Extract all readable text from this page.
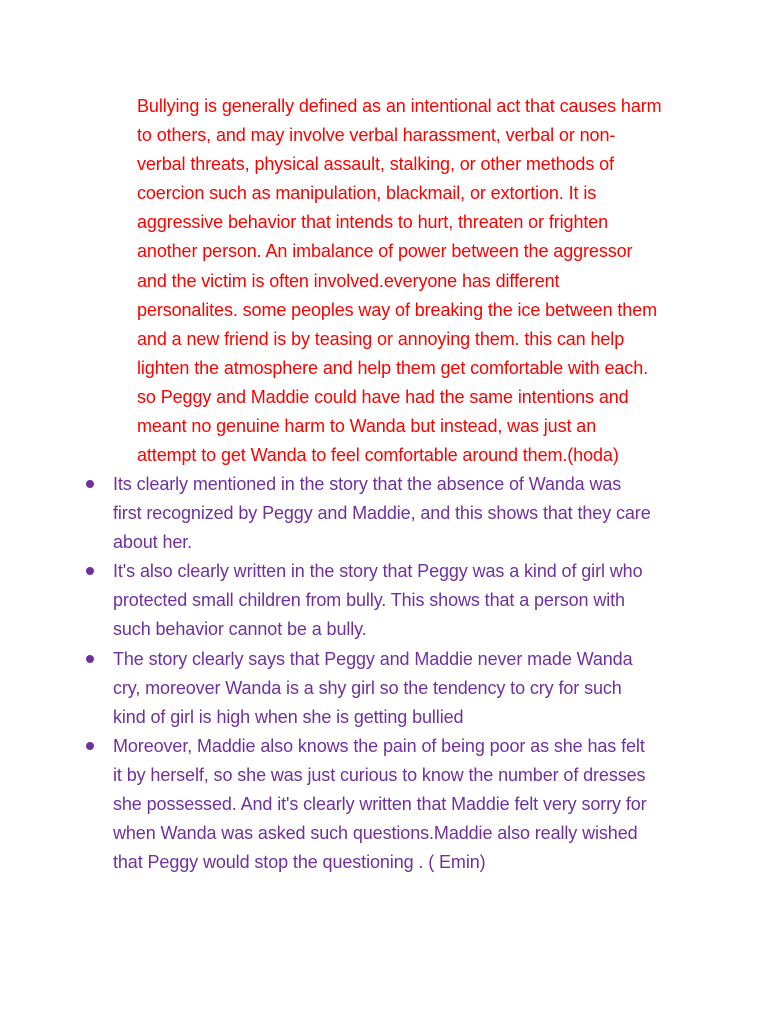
Bullying is generally defined as an intentional act that causes harm
to others, and may involve verbal harassment, verbal or non-
verbal threats, physical assault, stalking, or other methods of
coercion such as manipulation, blackmail, or extortion. It is
aggressive behavior that intends to hurt, threaten or frighten
another person. An imbalance of power between the aggressor
and the victim is often involved.everyone has different
personalites. some peoples way of breaking the ice between them
and a new friend is by teasing or annoying them. this can help
lighten the atmosphere and help them get comfortable with each.
so Peggy and Maddie could have had the same intentions and
meant no genuine harm to Wanda but instead, was just an
attempt to get Wanda to feel comfortable around them.(hoda)

Its clearly mentioned in the story that the absence of Wanda was
first recognized by Peggy and Maddie, and this shows that they care
about her.
It's also clearly written in the story that Peggy was a kind of girl who
protected small children from bully. This shows that a person with
such behavior cannot be a bully.
The story clearly says that Peggy and Maddie never made Wanda
cry, moreover Wanda is a shy girl so the tendency to cry for such
kind of girl is high when she is getting bullied
Moreover, Maddie also knows the pain of being poor as she has felt
it by herself, so she was just curious to know the number of dresses
she possessed. And it's clearly written that Maddie felt very sorry for
when Wanda was asked such questions.Maddie also really wished
that Peggy would stop the questioning . ( Emin)
